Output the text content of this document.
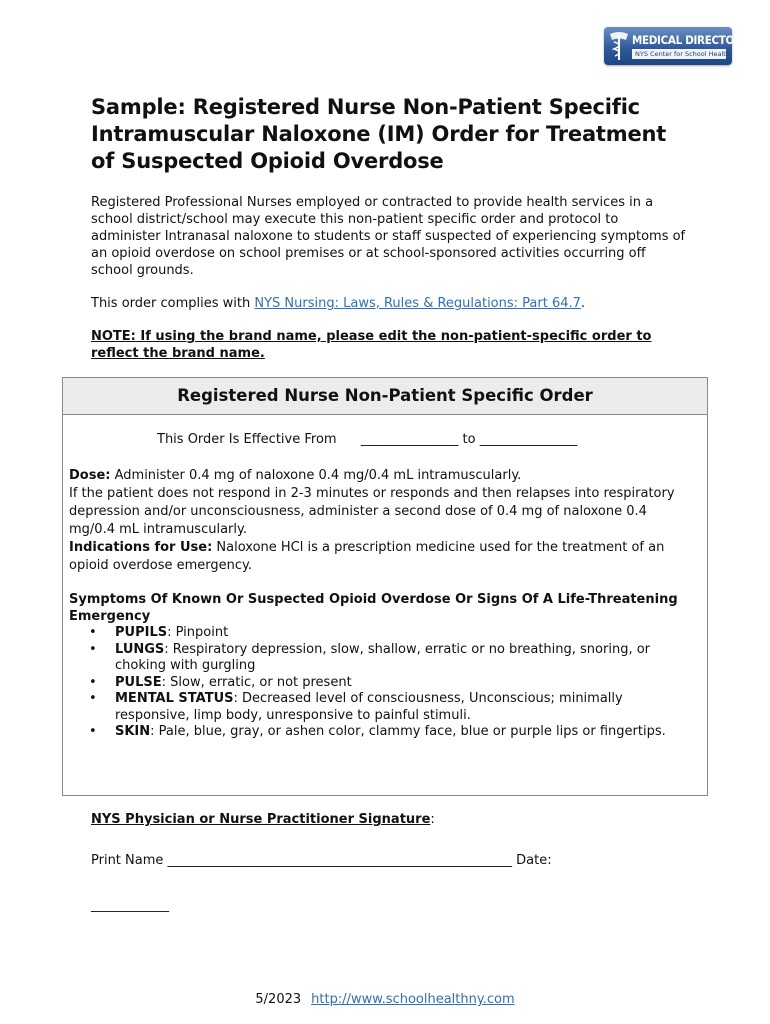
MEDICAL DIRECTORS
NYS Center for School Health
Sample: Registered Nurse Non-Patient Specific Intramuscular Naloxone (IM) Order for Treatment of Suspected Opioid Overdose

Registered Professional Nurses employed or contracted to provide health services in a school district/school may execute this non-patient specific order and protocol to administer Intranasal naloxone to students or staff suspected of experiencing symptoms of an opioid overdose on school premises or at school-sponsored activities occurring off school grounds.

This order complies with NYS Nursing: Laws, Rules & Regulations: Part 64.7.

NOTE: If using the brand name, please edit the non-patient-specific order to reflect the brand name.

Registered Nurse Non-Patient Specific Order
This Order Is Effective From _______________ to _______________

Dose: Administer 0.4 mg of naloxone 0.4 mg/0.4 mL intramuscularly.

If the patient does not respond in 2-3 minutes or responds and then relapses into respiratory depression and/or unconsciousness, administer a second dose of 0.4 mg of naloxone 0.4 mg/0.4 mL intramuscularly.

Indications for Use: Naloxone HCl is a prescription medicine used for the treatment of an opioid overdose emergency.

Symptoms Of Known Or Suspected Opioid Overdose Or Signs Of A Life-Threatening Emergency

• PUPILS: Pinpoint
• LUNGS: Respiratory depression, slow, shallow, erratic or no breathing, snoring, or choking with gurgling
• PULSE: Slow, erratic, or not present
• MENTAL STATUS: Decreased level of consciousness, Unconscious; minimally responsive, limp body, unresponsive to painful stimuli.
• SKIN: Pale, blue, gray, or ashen color, clammy face, blue or purple lips or fingertips.

NYS Physician or Nurse Practitioner Signature:

Print Name _____________________________________________________ Date:

____________

5/2023 http://www.schoolhealthny.com
